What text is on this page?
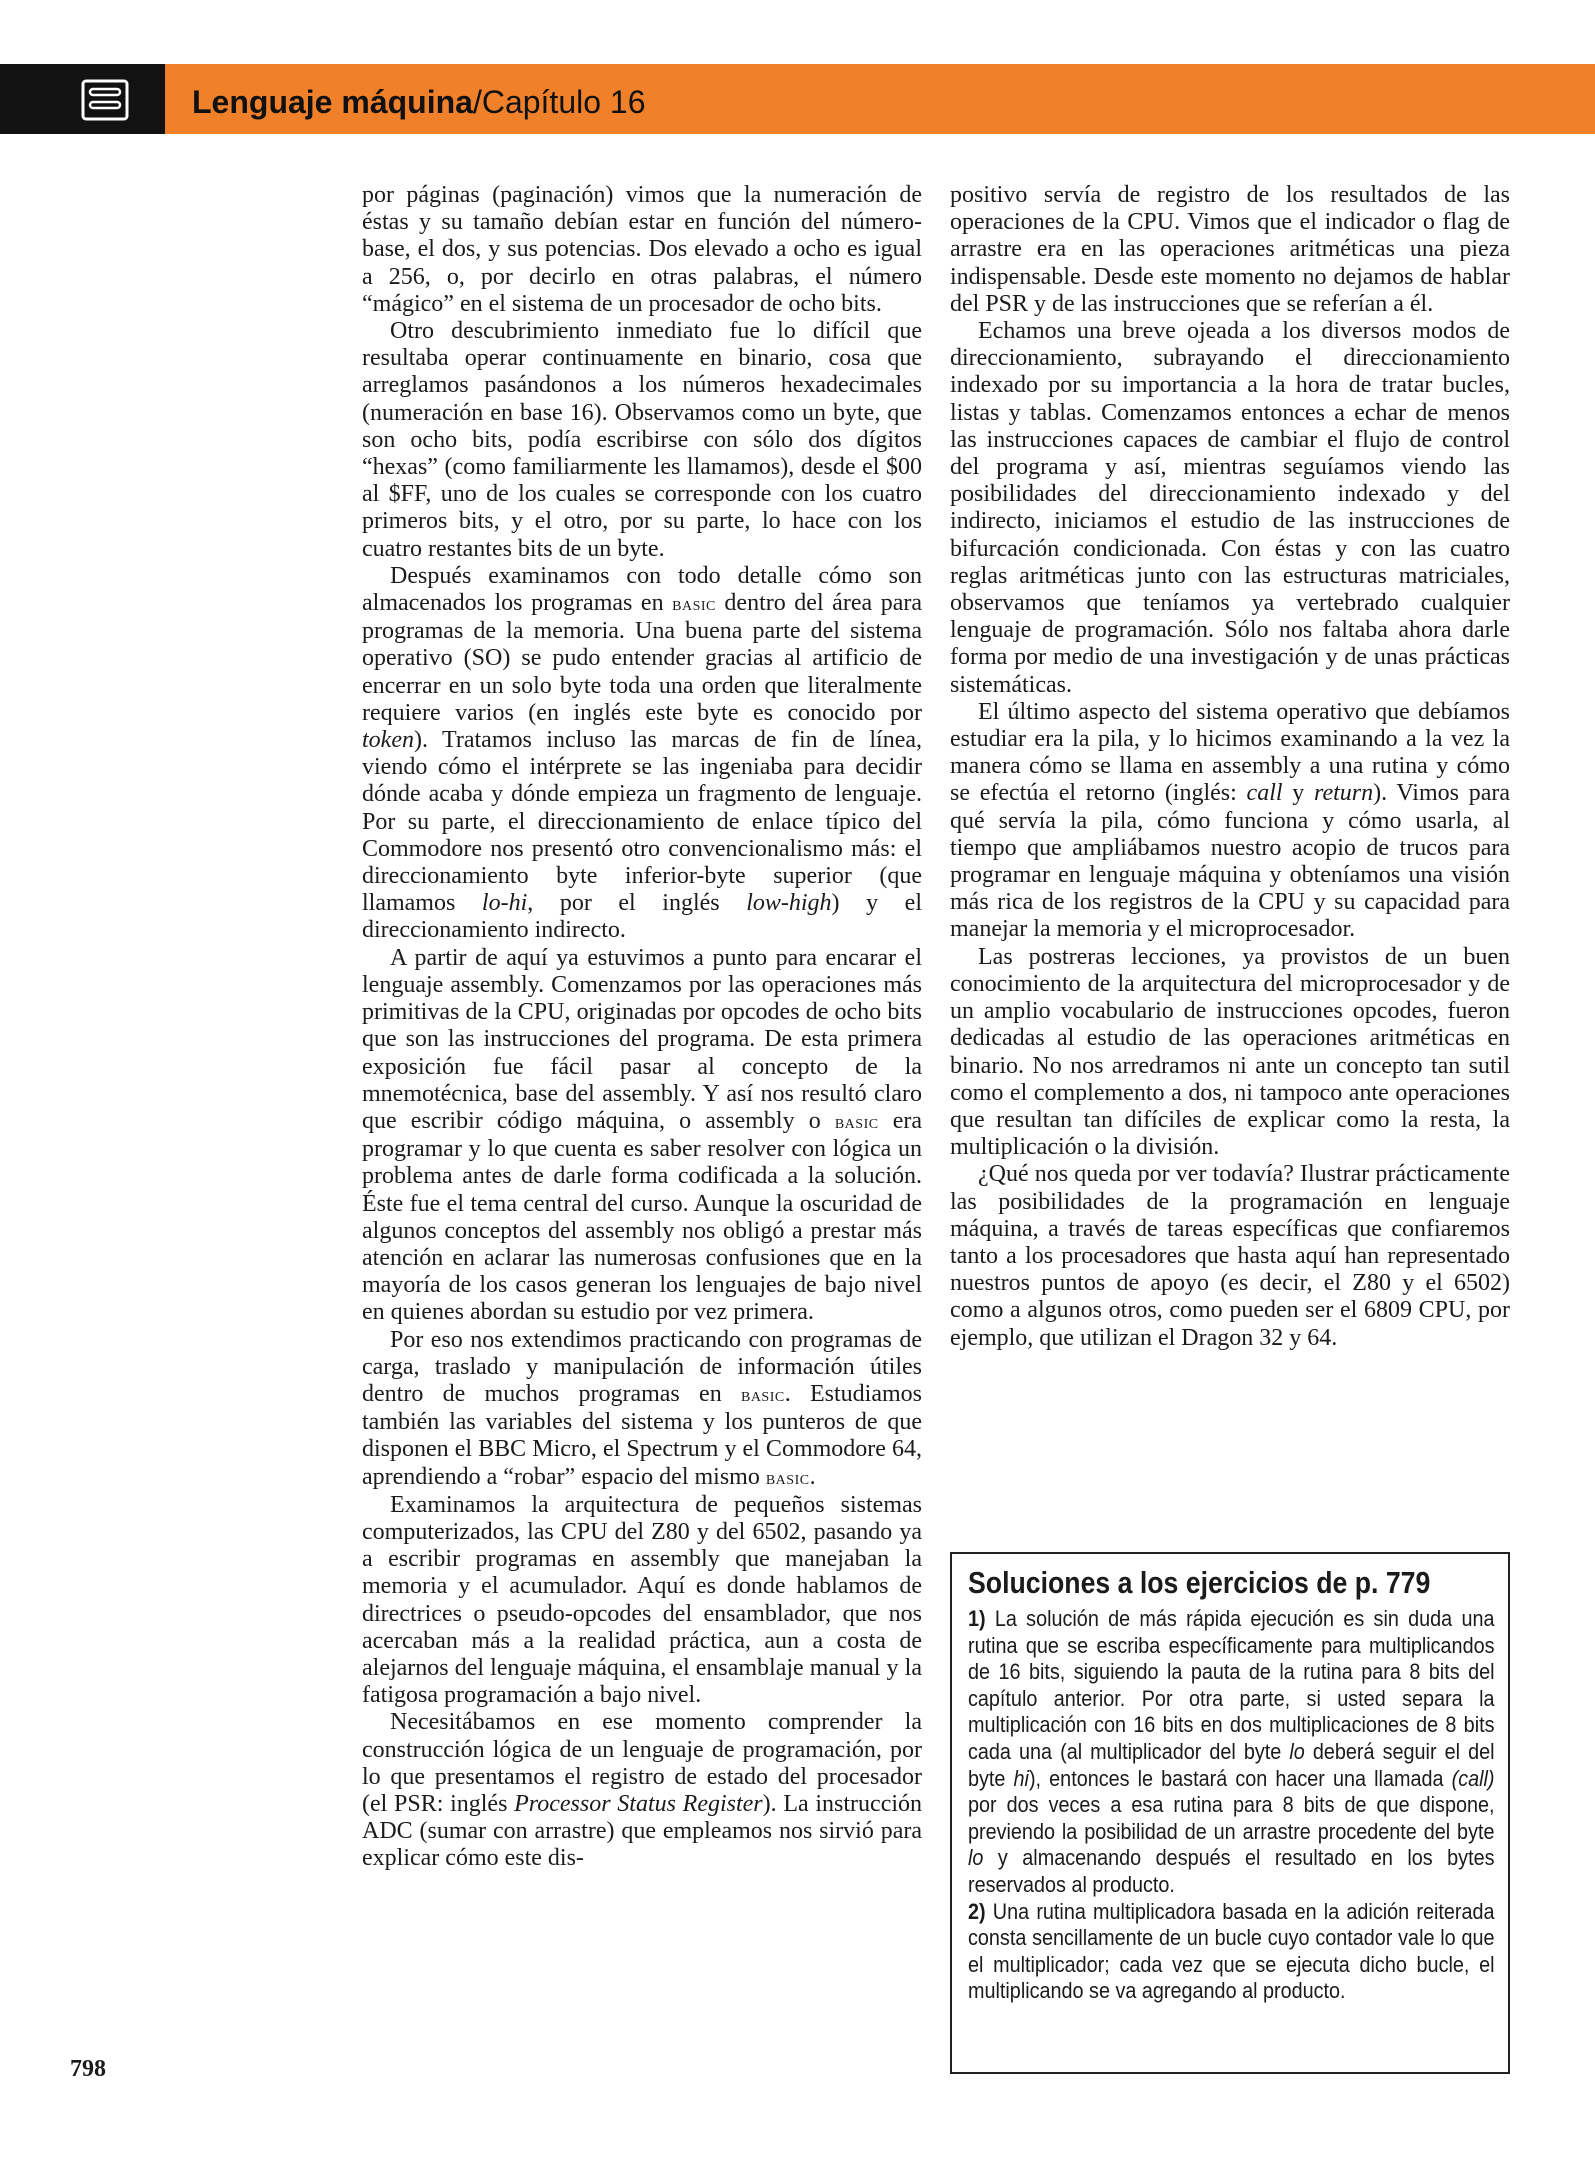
Lenguaje máquina/Capítulo 16

por páginas (paginación) vimos que la numeración de éstas y su tamaño debían estar en función del número-base, el dos, y sus potencias. Dos elevado a ocho es igual a 256, o, por decirlo en otras palabras, el número “mágico” en el sistema de un procesador de ocho bits.

Otro descubrimiento inmediato fue lo difícil que resultaba operar continuamente en binario, cosa que arreglamos pasándonos a los números hexadecimales (numeración en base 16). Observamos como un byte, que son ocho bits, podía escribirse con sólo dos dígitos “hexas” (como familiarmente les llamamos), desde el $00 al $FF, uno de los cuales se corresponde con los cuatro primeros bits, y el otro, por su parte, lo hace con los cuatro restantes bits de un byte.

Después examinamos con todo detalle cómo son almacenados los programas en basic dentro del área para programas de la memoria. Una buena parte del sistema operativo (SO) se pudo entender gracias al artificio de encerrar en un solo byte toda una orden que literalmente requiere varios (en inglés este byte es conocido por token). Tratamos incluso las marcas de fin de línea, viendo cómo el intérprete se las ingeniaba para decidir dónde acaba y dónde empieza un fragmento de lenguaje. Por su parte, el direccionamiento de enlace típico del Commodore nos presentó otro convencionalismo más: el direccionamiento byte inferior-byte superior (que llamamos lo-hi, por el inglés low-high) y el direccionamiento indirecto.

A partir de aquí ya estuvimos a punto para encarar el lenguaje assembly. Comenzamos por las operaciones más primitivas de la CPU, originadas por opcodes de ocho bits que son las instrucciones del programa. De esta primera exposición fue fácil pasar al concepto de la mnemotécnica, base del assembly. Y así nos resultó claro que escribir código máquina, o assembly o basic era programar y lo que cuenta es saber resolver con lógica un problema antes de darle forma codificada a la solución. Éste fue el tema central del curso. Aunque la oscuridad de algunos conceptos del assembly nos obligó a prestar más atención en aclarar las numerosas confusiones que en la mayoría de los casos generan los lenguajes de bajo nivel en quienes abordan su estudio por vez primera.

Por eso nos extendimos practicando con programas de carga, traslado y manipulación de información útiles dentro de muchos programas en basic. Estudiamos también las variables del sistema y los punteros de que disponen el BBC Micro, el Spectrum y el Commodore 64, aprendiendo a “robar” espacio del mismo basic.

Examinamos la arquitectura de pequeños sistemas computerizados, las CPU del Z80 y del 6502, pasando ya a escribir programas en assembly que manejaban la memoria y el acumulador. Aquí es donde hablamos de directrices o pseudo-opcodes del ensamblador, que nos acercaban más a la realidad práctica, aun a costa de alejarnos del lenguaje máquina, el ensamblaje manual y la fatigosa programación a bajo nivel.

Necesitábamos en ese momento comprender la construcción lógica de un lenguaje de programación, por lo que presentamos el registro de estado del procesador (el PSR: inglés Processor Status Register). La instrucción ADC (sumar con arrastre) que empleamos nos sirvió para explicar cómo este dis-

positivo servía de registro de los resultados de las operaciones de la CPU. Vimos que el indicador o flag de arrastre era en las operaciones aritméticas una pieza indispensable. Desde este momento no dejamos de hablar del PSR y de las instrucciones que se referían a él.

Echamos una breve ojeada a los diversos modos de direccionamiento, subrayando el direccionamiento indexado por su importancia a la hora de tratar bucles, listas y tablas. Comenzamos entonces a echar de menos las instrucciones capaces de cambiar el flujo de control del programa y así, mientras seguíamos viendo las posibilidades del direccionamiento indexado y del indirecto, iniciamos el estudio de las instrucciones de bifurcación condicionada. Con éstas y con las cuatro reglas aritméticas junto con las estructuras matriciales, observamos que teníamos ya vertebrado cualquier lenguaje de programación. Sólo nos faltaba ahora darle forma por medio de una investigación y de unas prácticas sistemáticas.

El último aspecto del sistema operativo que debíamos estudiar era la pila, y lo hicimos examinando a la vez la manera cómo se llama en assembly a una rutina y cómo se efectúa el retorno (inglés: call y return). Vimos para qué servía la pila, cómo funciona y cómo usarla, al tiempo que ampliábamos nuestro acopio de trucos para programar en lenguaje máquina y obteníamos una visión más rica de los registros de la CPU y su capacidad para manejar la memoria y el microprocesador.

Las postreras lecciones, ya provistos de un buen conocimiento de la arquitectura del microprocesador y de un amplio vocabulario de instrucciones opcodes, fueron dedicadas al estudio de las operaciones aritméticas en binario. No nos arredramos ni ante un concepto tan sutil como el complemento a dos, ni tampoco ante operaciones que resultan tan difíciles de explicar como la resta, la multiplicación o la división.

¿Qué nos queda por ver todavía? Ilustrar prácticamente las posibilidades de la programación en lenguaje máquina, a través de tareas específicas que confiaremos tanto a los procesadores que hasta aquí han representado nuestros puntos de apoyo (es decir, el Z80 y el 6502) como a algunos otros, como pueden ser el 6809 CPU, por ejemplo, que utilizan el Dragon 32 y 64.

Soluciones a los ejercicios de p. 779

1) La solución de más rápida ejecución es sin duda una rutina que se escriba específicamente para multiplicandos de 16 bits, siguiendo la pauta de la rutina para 8 bits del capítulo anterior. Por otra parte, si usted separa la multiplicación con 16 bits en dos multiplicaciones de 8 bits cada una (al multiplicador del byte lo deberá seguir el del byte hi), entonces le bastará con hacer una llamada (call) por dos veces a esa rutina para 8 bits de que dispone, previendo la posibilidad de un arrastre procedente del byte lo y almacenando después el resultado en los bytes reservados al producto.

2) Una rutina multiplicadora basada en la adición reiterada consta sencillamente de un bucle cuyo contador vale lo que el multiplicador; cada vez que se ejecuta dicho bucle, el multiplicando se va agregando al producto.

798
